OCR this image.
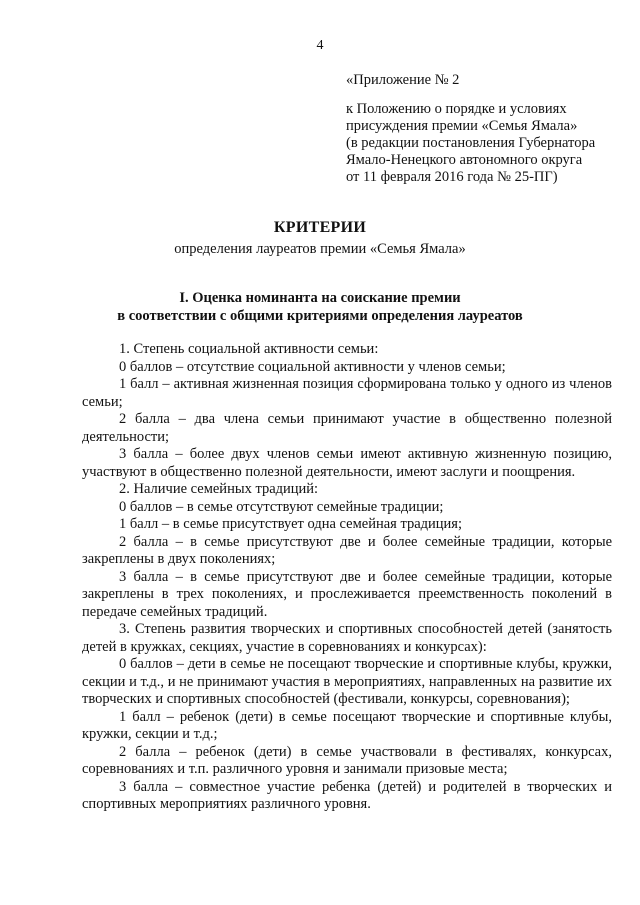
4
«Приложение № 2
к Положению о порядке и условиях
присуждения премии «Семья Ямала»
(в редакции постановления Губернатора
Ямало-Ненецкого автономного округа
от 11 февраля 2016 года № 25-ПГ)
КРИТЕРИИ
определения лауреатов премии «Семья Ямала»
I. Оценка номинанта на соискание премии
в соответствии с общими критериями определения лауреатов

1. Степень социальной активности семьи:

0 баллов – отсутствие социальной активности у членов семьи;

1 балл – активная жизненная позиция сформирована только у одного из членов семьи;

2 балла – два члена семьи принимают участие в общественно полезной деятельности;

3 балла – более двух членов семьи имеют активную жизненную позицию, участвуют в общественно полезной деятельности, имеют заслуги и поощрения.

2. Наличие семейных традиций:

0 баллов – в семье отсутствуют семейные традиции;

1 балл – в семье присутствует одна семейная традиция;

2 балла – в семье присутствуют две и более семейные традиции, которые закреплены в двух поколениях;

3 балла – в семье присутствуют две и более семейные традиции, которые закреплены в трех поколениях, и прослеживается преемственность поколений в передаче семейных традиций.

3. Степень развития творческих и спортивных способностей детей (занятость детей в кружках, секциях, участие в соревнованиях и конкурсах):

0 баллов – дети в семье не посещают творческие и спортивные клубы, кружки, секции и т.д., и не принимают участия в мероприятиях, направленных на развитие их творческих и спортивных способностей (фестивали, конкурсы, соревнования);

1 балл – ребенок (дети) в семье посещают творческие и спортивные клубы, кружки, секции и т.д.;

2 балла – ребенок (дети) в семье участвовали в фестивалях, конкурсах, соревнованиях и т.п. различного уровня и занимали призовые места;

3 балла – совместное участие ребенка (детей) и родителей в творческих и спортивных мероприятиях различного уровня.
